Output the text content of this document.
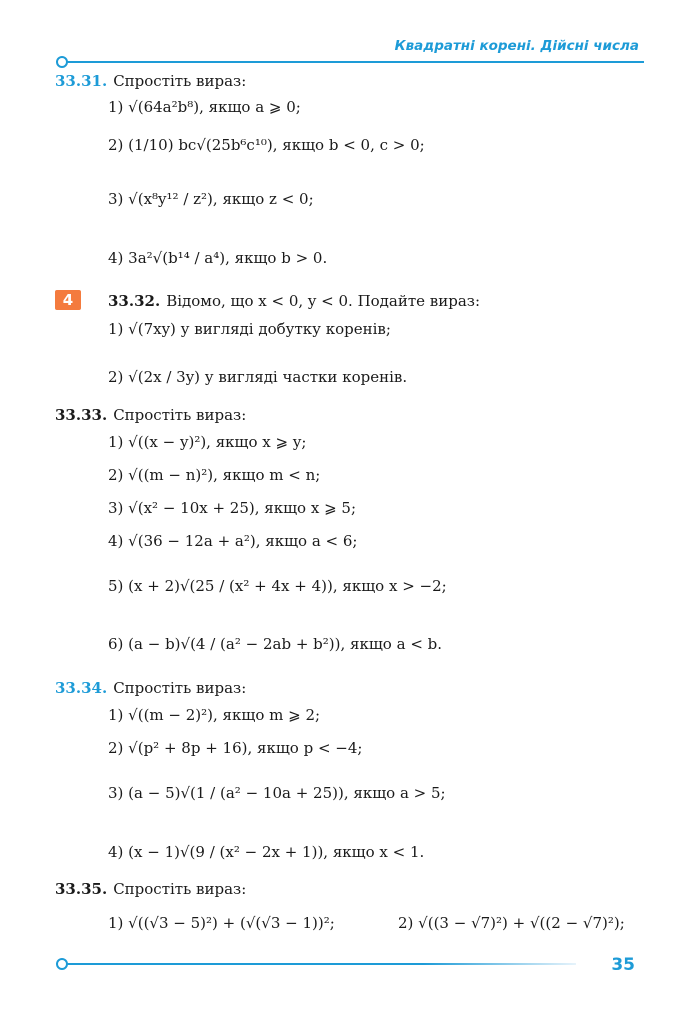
Квадратні корені. Дійсні числа
33.31. Спростіть вираз:
1) √(64a²b⁸), якщо a ⩾ 0;
2) (1/10) bc√(25b⁶c¹⁰), якщо b < 0, c > 0;
3) √(x⁸y¹² / z²), якщо z < 0;
4) 3a²√(b¹⁴ / a⁴), якщо b > 0.
4	33.32. Відомо, що x < 0, y < 0. Подайте вираз:
1) √(7xy) у вигляді добутку коренів;
2) √(2x / 3y) у вигляді частки коренів.
33.33. Спростіть вираз:
1) √((x − y)²), якщо x ⩾ y;
2) √((m − n)²), якщо m < n;
3) √(x² − 10x + 25), якщо x ⩾ 5;
4) √(36 − 12a + a²), якщо a < 6;
5) (x + 2)√(25 / (x² + 4x + 4)), якщо x > −2;
6) (a − b)√(4 / (a² − 2ab + b²)), якщо a < b.
33.34. Спростіть вираз:
1) √((m − 2)²), якщо m ⩾ 2;
2) √(p² + 8p + 16), якщо p < −4;
3) (a − 5)√(1 / (a² − 10a + 25)), якщо a > 5;
4) (x − 1)√(9 / (x² − 2x + 1)), якщо x < 1.
33.35. Спростіть вираз:
1) √((√3 − 5)²) + (√(√3 − 1))²;	2) √((3 − √7)²) + √((2 − √7)²);
35
